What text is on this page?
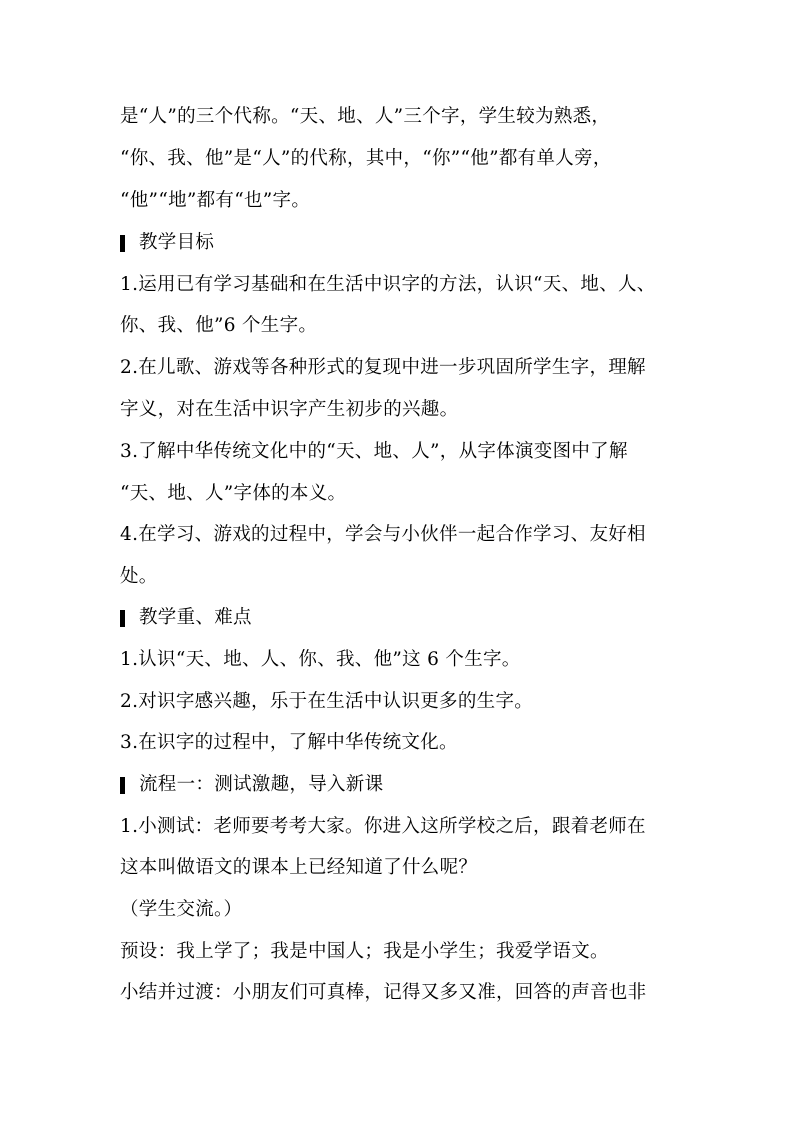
是“人”的三个代称。“天、地、人”三个字，学生较为熟悉，
“你、我、他”是“人”的代称，其中，“你”“他”都有单人旁，
“他”“地”都有“也”字。
教学目标
1.运用已有学习基础和在生活中识字的方法，认识“天、地、人、
你、我、他”6 个生字。
2.在儿歌、游戏等各种形式的复现中进一步巩固所学生字，理解
字义，对在生活中识字产生初步的兴趣。
3.了解中华传统文化中的“天、地、人”，从字体演变图中了解
“天、地、人”字体的本义。
4.在学习、游戏的过程中，学会与小伙伴一起合作学习、友好相
处。
教学重、难点
1.认识“天、地、人、你、我、他”这 6 个生字。
2.对识字感兴趣，乐于在生活中认识更多的生字。
3.在识字的过程中，了解中华传统文化。
流程一：测试激趣，导入新课
1.小测试：老师要考考大家。你进入这所学校之后，跟着老师在
这本叫做语文的课本上已经知道了什么呢？
（学生交流。）
预设：我上学了；我是中国人；我是小学生；我爱学语文。
小结并过渡：小朋友们可真棒，记得又多又准，回答的声音也非
